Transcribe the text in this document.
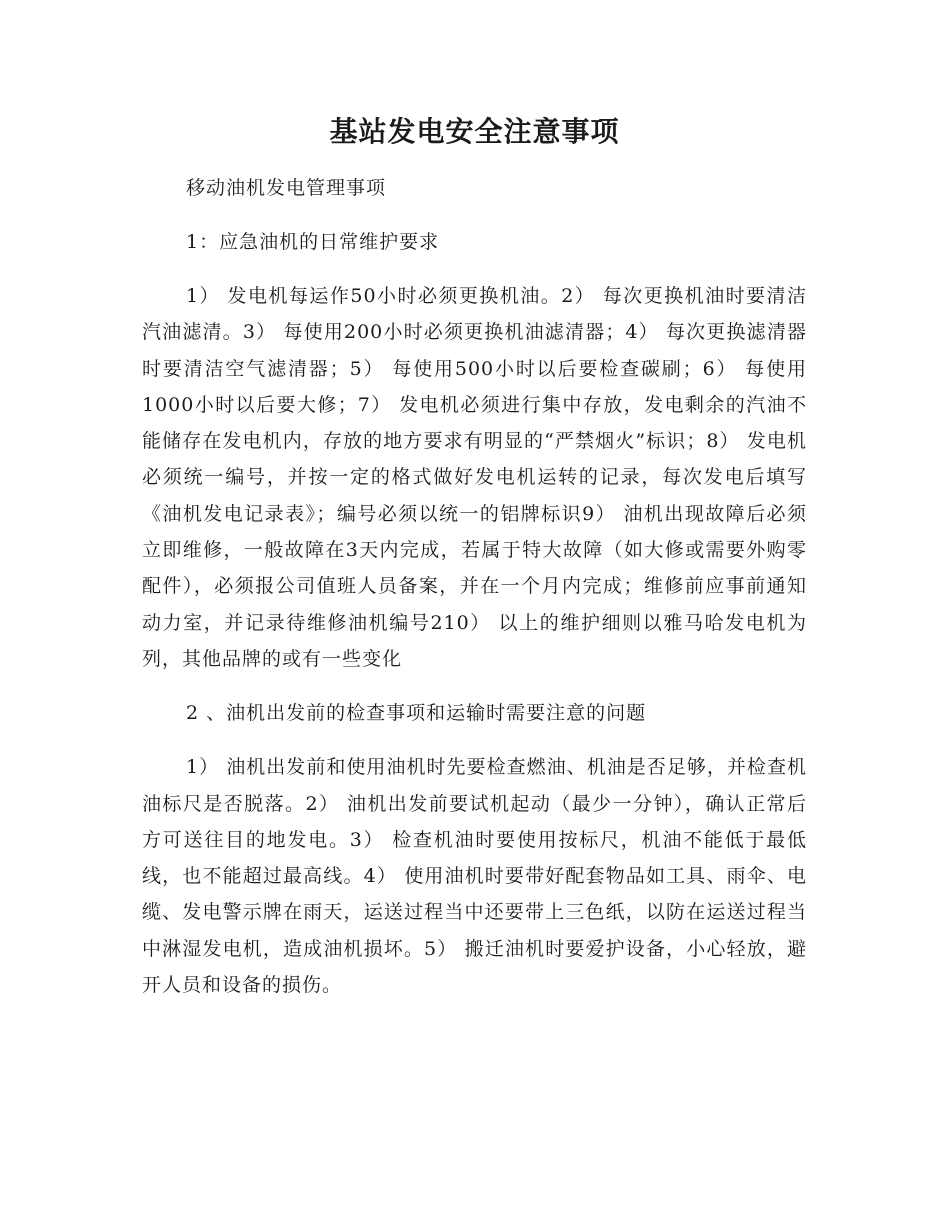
基站发电安全注意事项

移动油机发电管理事项

1：应急油机的日常维护要求

1） 发电机每运作50小时必须更换机油。2） 每次更换机油时要清洁汽油滤清。3） 每使用200小时必须更换机油滤清器；4） 每次更换滤清器时要清洁空气滤清器；5） 每使用500小时以后要检查碳刷；6） 每使用1000小时以后要大修；7） 发电机必须进行集中存放，发电剩余的汽油不能储存在发电机内，存放的地方要求有明显的“严禁烟火”标识；8） 发电机必须统一编号，并按一定的格式做好发电机运转的记录，每次发电后填写《油机发电记录表》；编号必须以统一的铝牌标识9） 油机出现故障后必须立即维修，一般故障在3天内完成，若属于特大故障（如大修或需要外购零配件），必须报公司值班人员备案，并在一个月内完成；维修前应事前通知动力室，并记录待维修油机编号210） 以上的维护细则以雅马哈发电机为列，其他品牌的或有一些变化

2 、油机出发前的检查事项和运输时需要注意的问题

1） 油机出发前和使用油机时先要检查燃油、机油是否足够，并检查机油标尺是否脱落。2） 油机出发前要试机起动（最少一分钟），确认正常后方可送往目的地发电。3） 检查机油时要使用按标尺，机油不能低于最低线，也不能超过最高线。4） 使用油机时要带好配套物品如工具、雨伞、电缆、发电警示牌在雨天，运送过程当中还要带上三色纸，以防在运送过程当中淋湿发电机，造成油机损坏。5） 搬迁油机时要爱护设备，小心轻放，避开人员和设备的损伤。
